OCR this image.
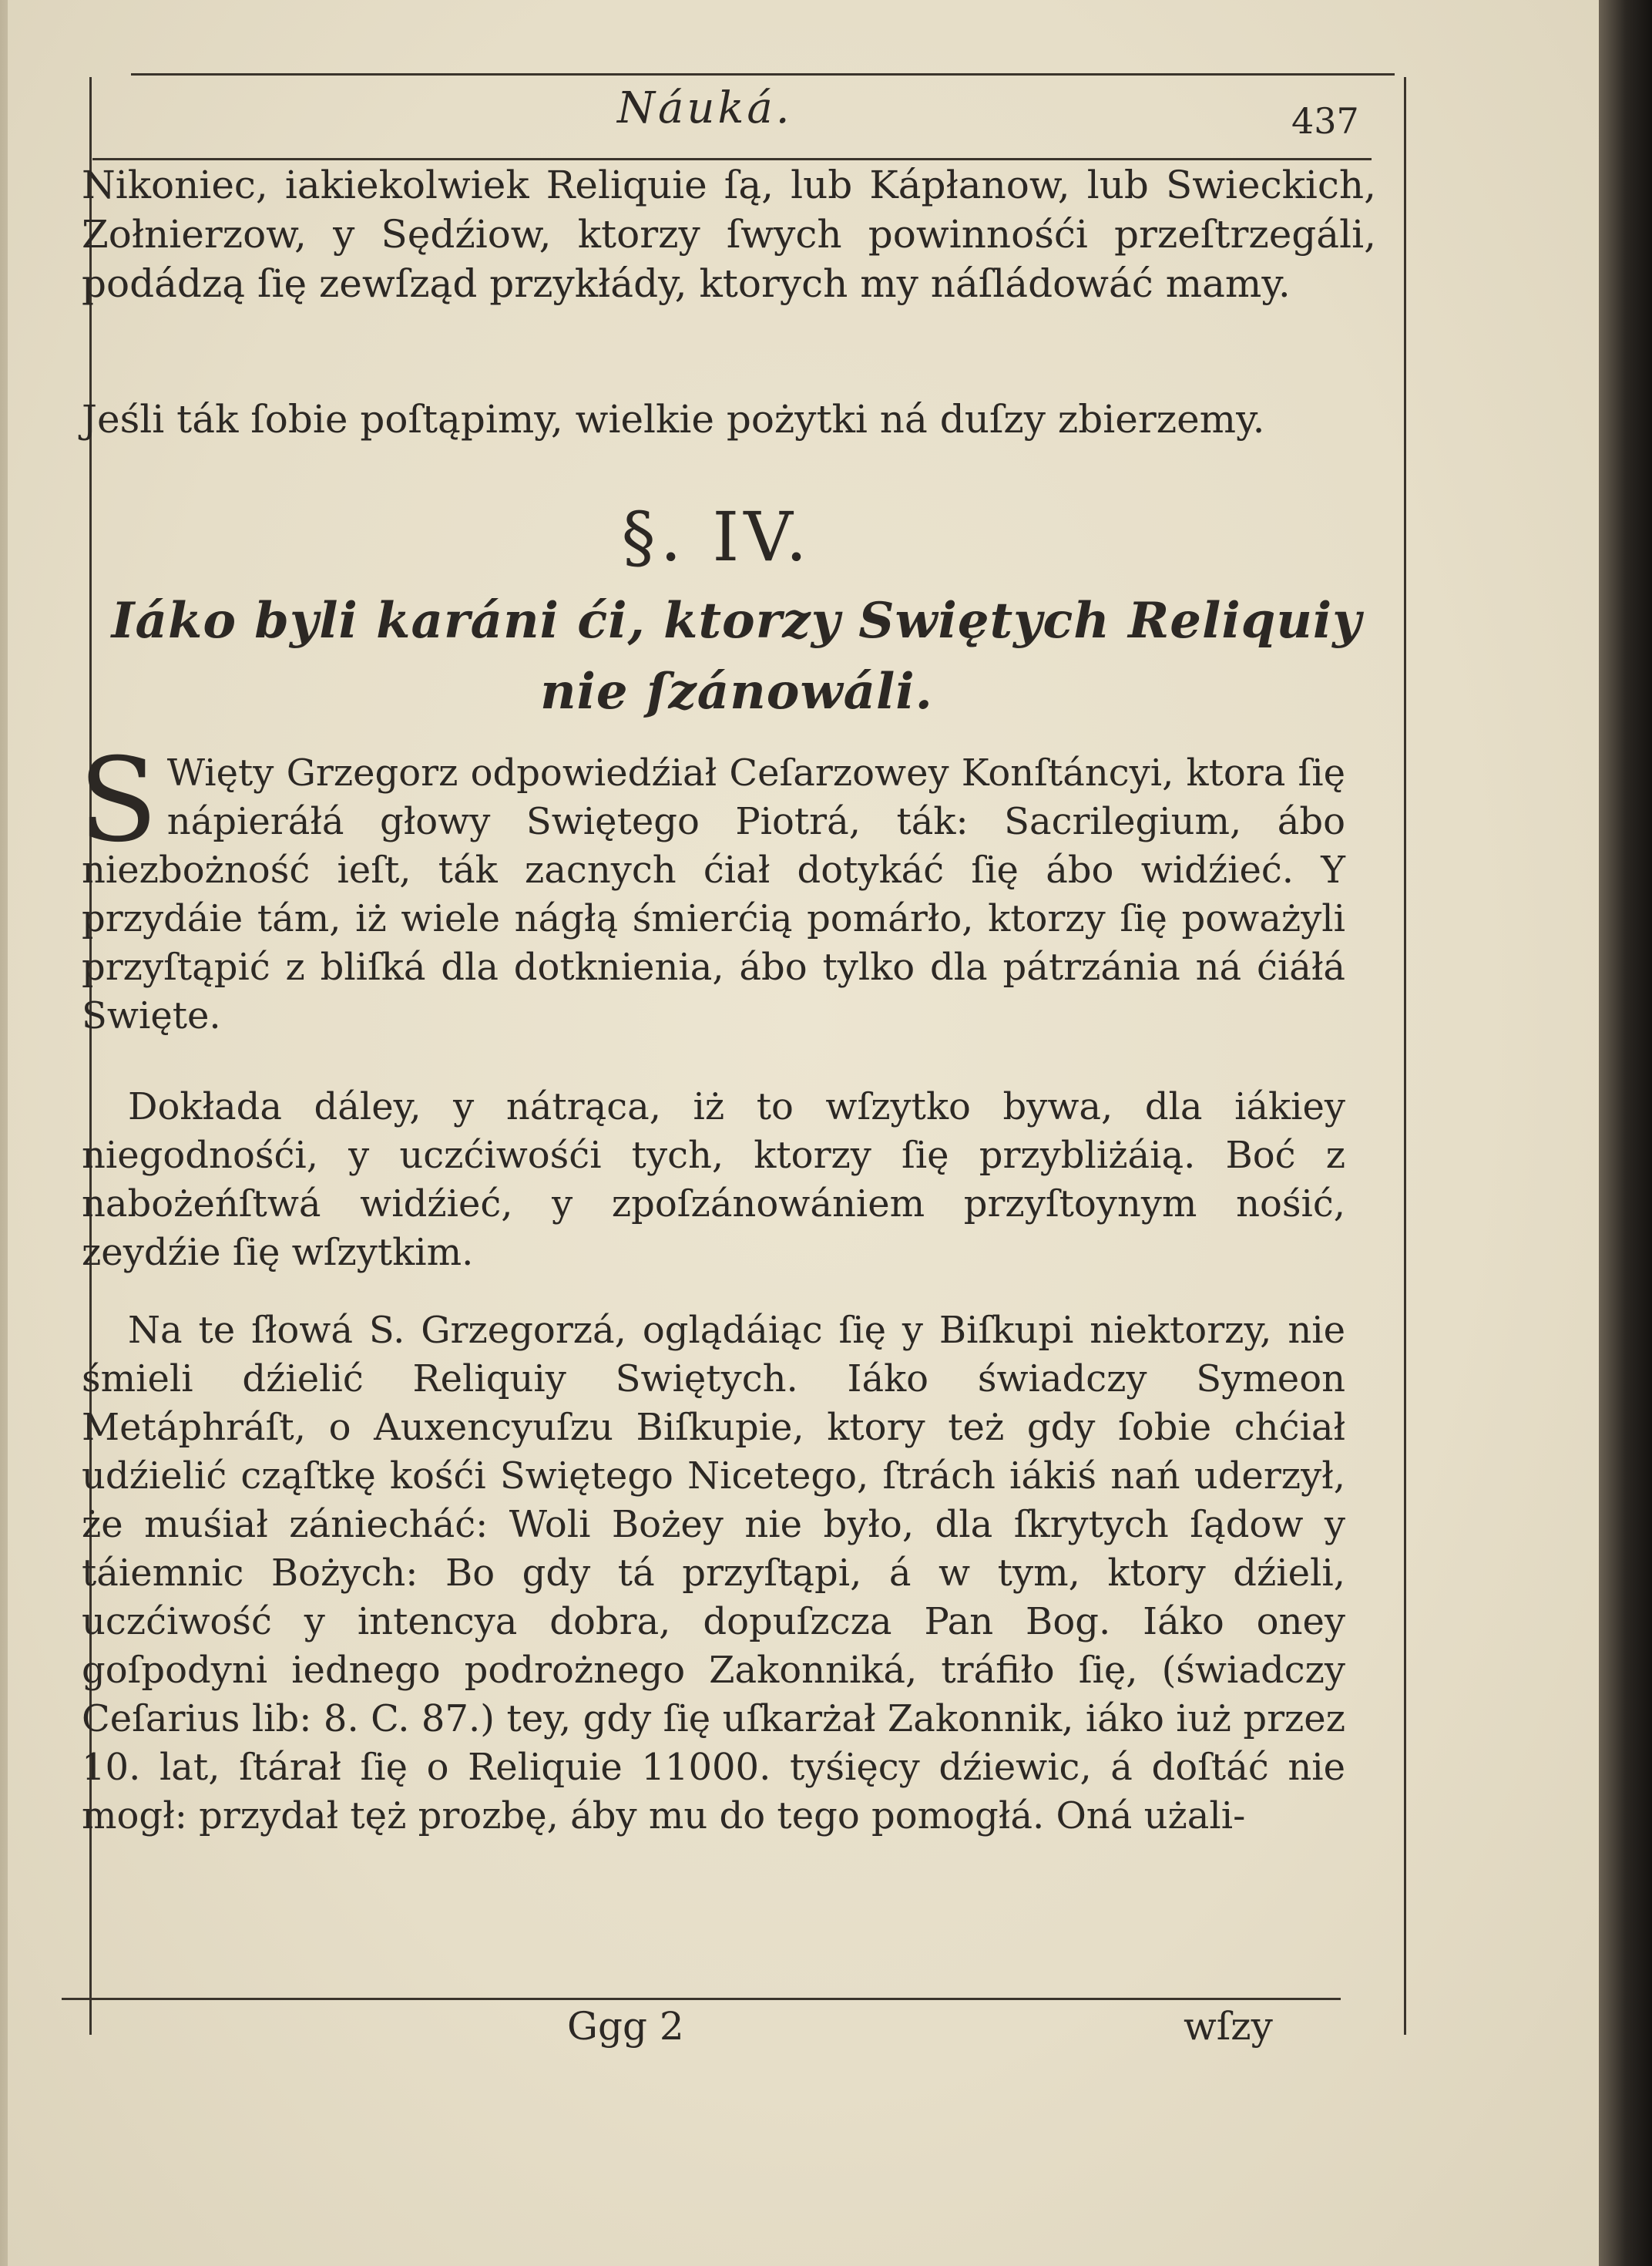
Náuká.	437
Nikoniec, iakiekolwiek Reliquie ſą, lub Kápłanow, lub Swieckich, Zołnierzow, y Sędźiow, ktorzy ſwych powinnośći przeſtrzegáli, podádzą ſię zewſząd przykłády, ktorych my náſládowáć mamy.
Jeśli ták ſobie poſtąpimy, wielkie pożytki ná duſzy zbierzemy.
§. IV.
Iáko byli karáni ći, ktorzy Swiętych Reliquiy nie ſzánowáli.
S Więty Grzegorz odpowiedźiał Ceſarzowey Konſtáncyi, ktora ſię nápieráłá głowy Swiętego Piotrá, ták: Sacrilegium, ábo niezbożność ieſt, ták zacnych ćiał dotykáć ſię ábo widźieć. Y przydáie tám, iż wiele nágłą śmierćią pomárło, ktorzy ſię poważyli przyſtąpić z bliſká dla dotknienia, ábo tylko dla pátrzánia ná ćiáłá Swięte.
Dokłada dáley, y nátrąca, iż to wſzytko bywa, dla iákiey niegodnośći, y uczćiwośći tych, ktorzy ſię przybliżáią. Boć z nabożeńſtwá widźieć, y zpoſzánowániem przyſtoynym nośić, zeydźie ſię wſzytkim.
Na te ſłowá S. Grzegorzá, oglądáiąc ſię y Biſkupi niektorzy, nie śmieli dźielić Reliquiy Swiętych. Iáko świadczy Symeon Metáphráſt, o Auxencyuſzu Biſkupie, ktory też gdy ſobie chćiał udźielić cząſtkę kośći Swiętego Nicetego, ſtrách iákiś nań uderzył, że muśiał zániecháć: Woli Bożey nie było, dla ſkrytych ſądow y táiemnic Bożych: Bo gdy tá przyſtąpi, á w tym, ktory dźieli, uczćiwość y intencya dobra, dopuſzcza Pan Bog. Iáko oney goſpodyni iednego podrożnego Zakonniká, tráfiło ſię, (świadczy Ceſarius lib: 8. C. 87.) tey, gdy ſię uſkarżał Zakonnik, iáko iuż przez 10. lat, ſtárał ſię o Reliquie 11000. tyśięcy dźiewic, á doſtáć nie mogł: przydał tęż prozbę, áby mu do tego pomogłá. Oná użali-
Ggg 2	wſzy
